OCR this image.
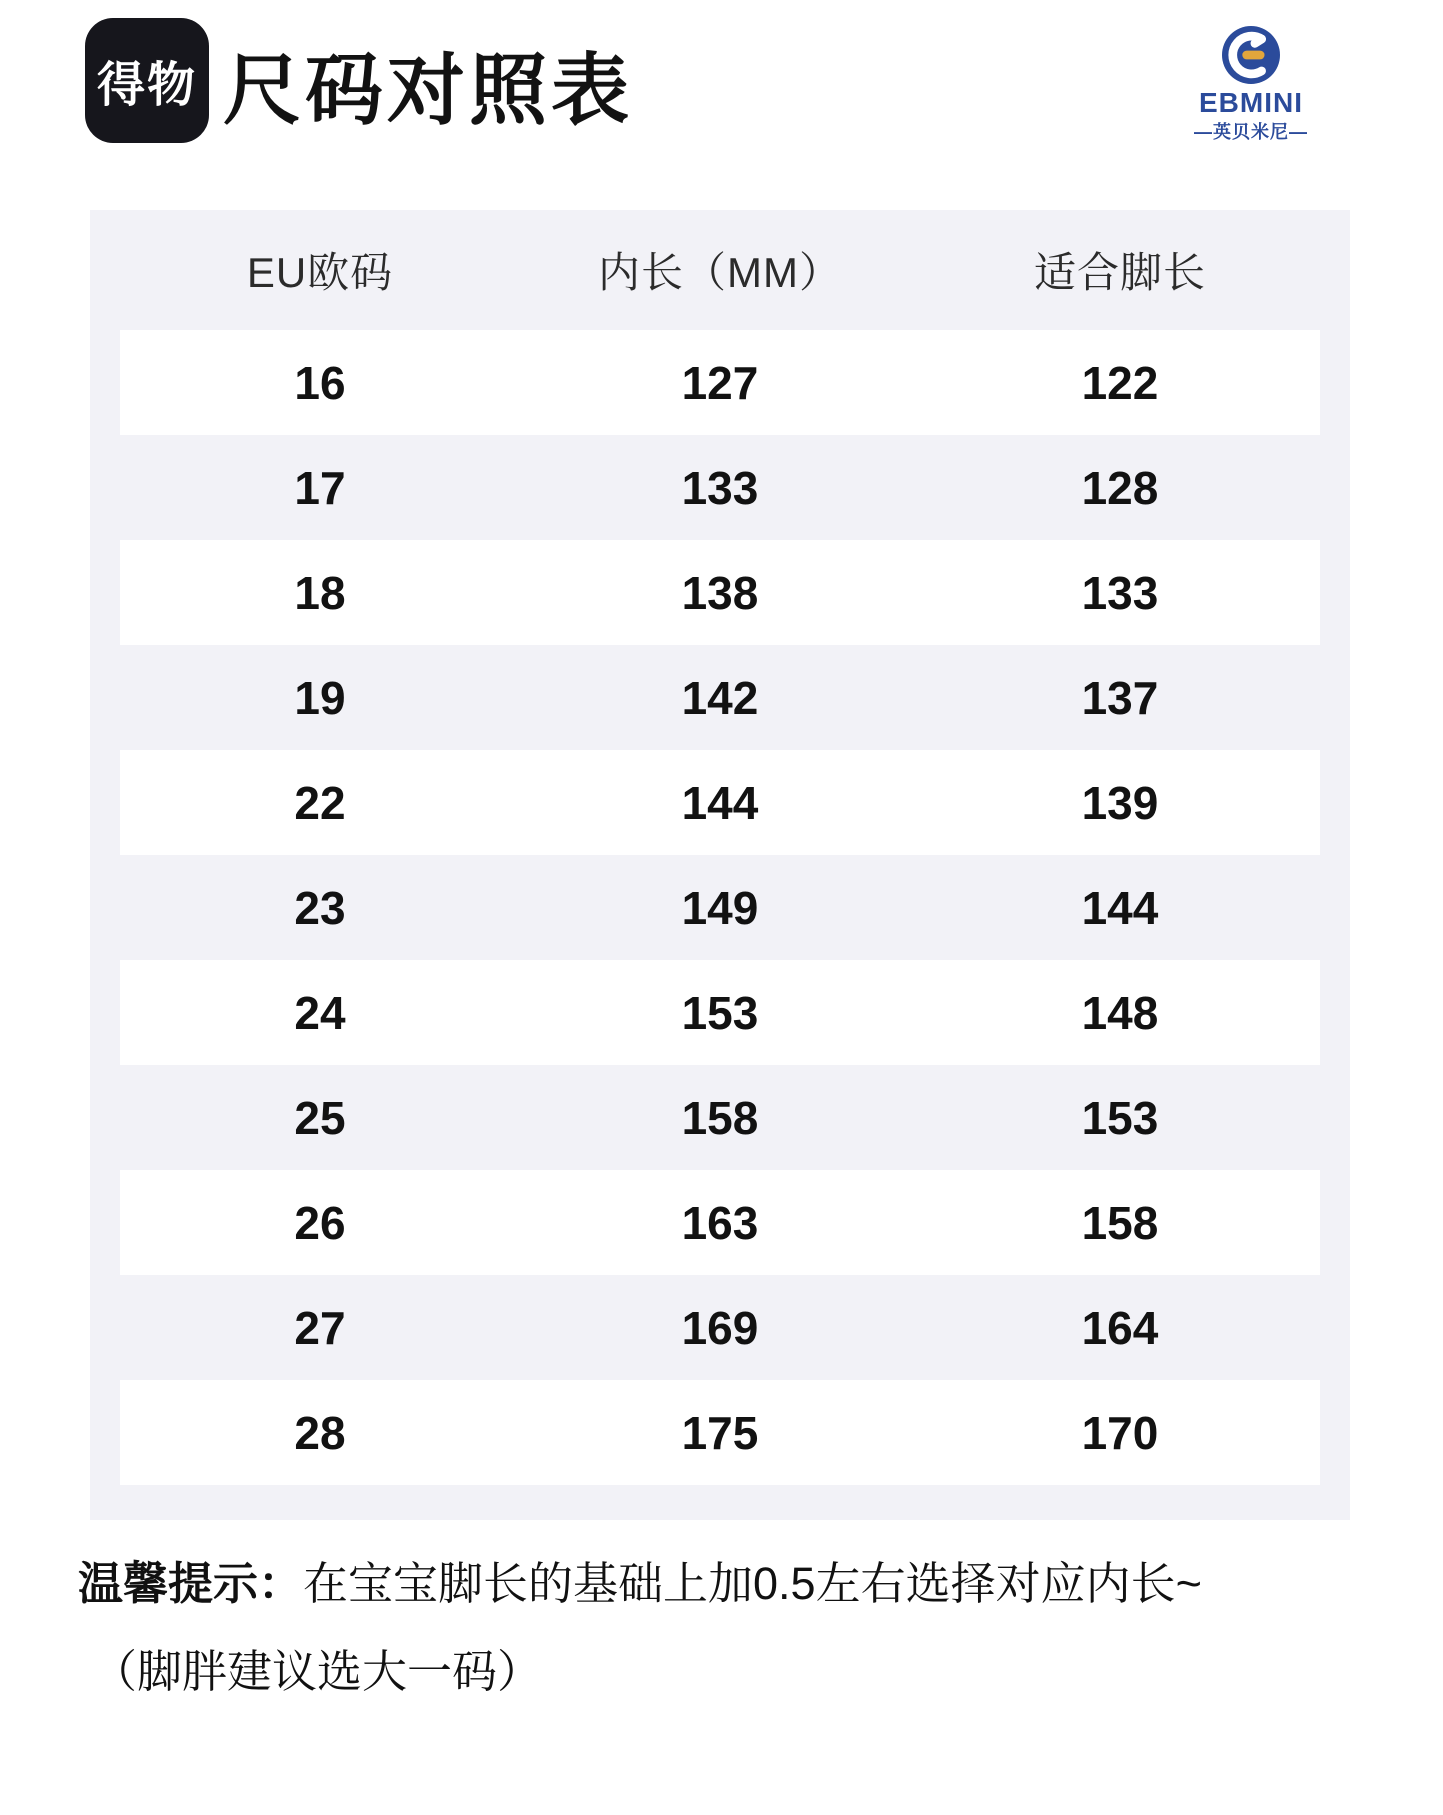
得物 尺码对照表	EBMINI
—英贝米尼—
EU欧码	内长（MM）	适合脚长
16	127	122
17	133	128
18	138	133
19	142	137
22	144	139
23	149	144
24	153	148
25	158	153
26	163	158
27	169	164
28	175	170
温馨提示：在宝宝脚长的基础上加0.5左右选择对应内长~
（脚胖建议选大一码）
